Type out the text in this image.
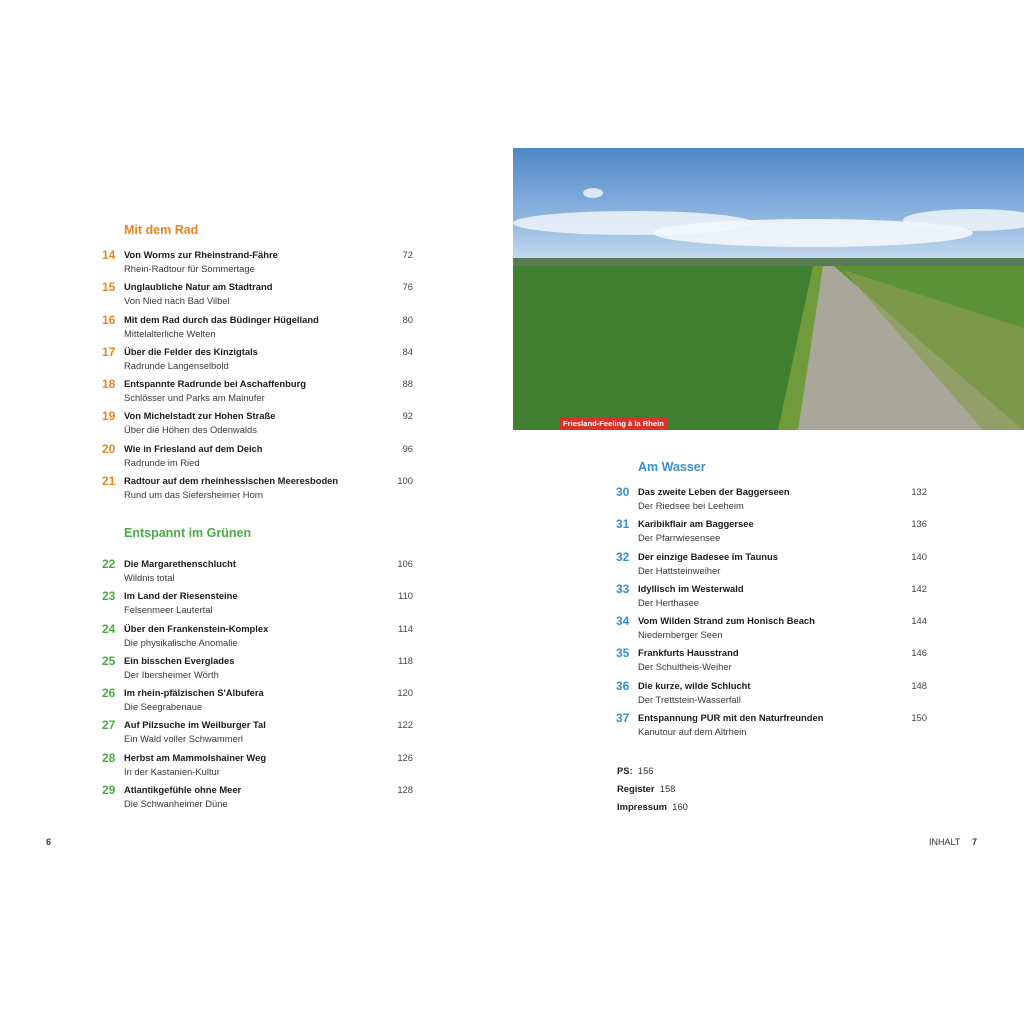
Mit dem Rad
14 Von Worms zur Rheinstrand-Fähre
Rhein-Radtour für Sommertage
72
15 Unglaubliche Natur am Stadtrand
Von Nied nach Bad Vilbel
76
16 Mit dem Rad durch das Büdinger Hügelland
Mittelalterliche Welten
80
17 Über die Felder des Kinzigtals
Radrunde Langenselbold
84
18 Entspannte Radrunde bei Aschaffenburg
Schlösser und Parks am Mainufer
88
19 Von Michelstadt zur Hohen Straße
Über die Höhen des Odenwalds
92
20 Wie in Friesland auf dem Deich
Radrunde im Ried
96
21 Radtour auf dem rheinhessischen Meeresboden
Rund um das Siefersheimer Horn
100
Entspannt im Grünen
22 Die Margarethenschlucht
Wildnis total
106
23 Im Land der Riesensteine
Felsenmeer Lautertal
110
24 Über den Frankenstein-Komplex
Die physikalische Anomalie
114
25 Ein bisschen Everglades
Der Ibersheimer Wörth
118
26 Im rhein-pfälzischen S'Albufera
Die Seegrabenaue
120
27 Auf Pilzsuche im Weilburger Tal
Ein Wald voller Schwammerl
122
28 Herbst am Mammolshainer Weg
In der Kastanien-Kultur
126
29 Atlantikgefühle ohne Meer
Die Schwanheimer Düne
128
Friesland-Feeling à la Rhein
Am Wasser
30 Das zweite Leben der Baggerseen
Der Riedsee bei Leeheim
132
31 Karibikflair am Baggersee
Der Pfarrwiesensee
136
32 Der einzige Badesee im Taunus
Der Hattsteinweiher
140
33 Idyllisch im Westerwald
Der Herthasee
142
34 Vom Wilden Strand zum Honisch Beach
Niedernberger Seen
144
35 Frankfurts Hausstrand
Der Schultheis-Weiher
146
36 Die kurze, wilde Schlucht
Der Trettstein-Wasserfall
148
37 Entspannung PUR mit den Naturfreunden
Kanutour auf dem Altrhein
150
PS: 156
Register 158
Impressum 160
6	INHALT 7
